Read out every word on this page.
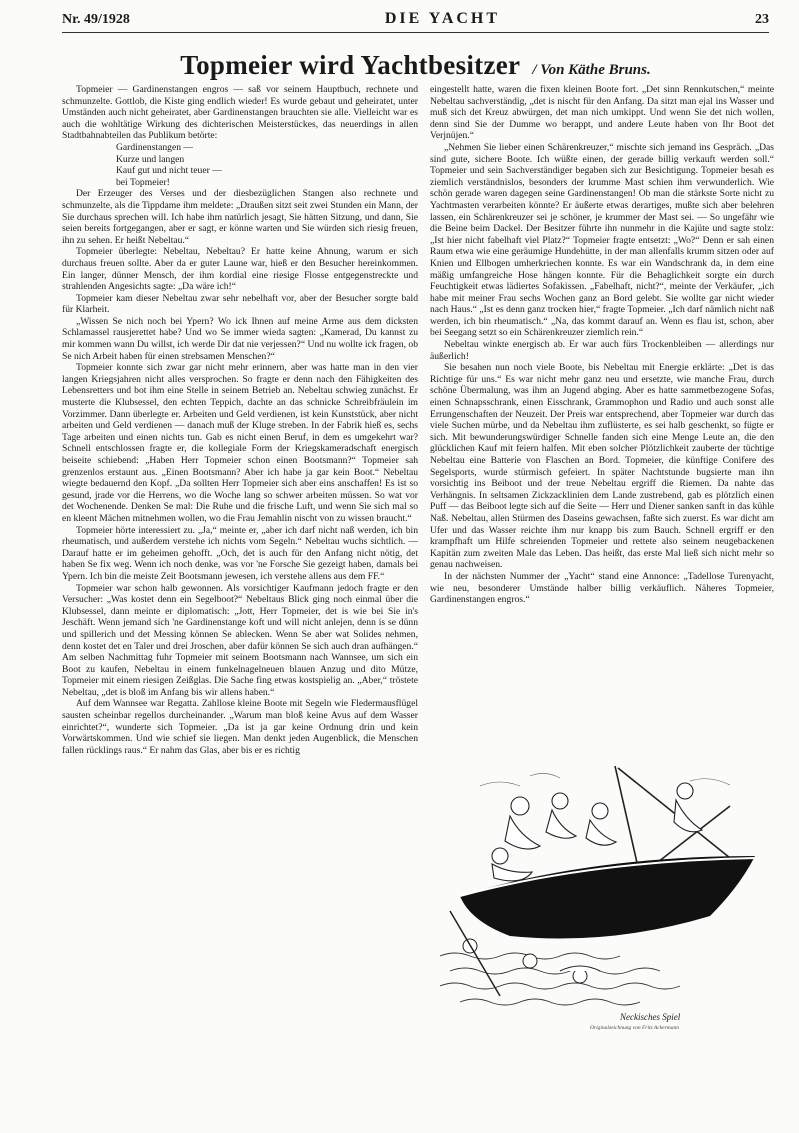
Nr. 49/1928	DIE YACHT	23
Topmeier wird Yachtbesitzer / Von Käthe Bruns.

Topmeier — Gardinenstangen engros — saß vor seinem Hauptbuch, rechnete und schmunzelte. Gottlob, die Kiste ging endlich wieder! Es wurde gebaut und geheiratet, unter Umständen auch nicht geheiratet, aber Gardinenstangen brauchten sie alle. Vielleicht war es auch die wohltätige Wirkung des dichterischen Meisterstückes, das neuerdings in allen Stadtbahnabteilen das Publikum betörte:

Gardinenstangen —
Kurze und langen
Kauf gut und nicht teuer —
bei Topmeier!

Der Erzeuger des Verses und der diesbezüglichen Stangen also rechnete und schmunzelte, als die Tippdame ihm meldete: „Draußen sitzt seit zwei Stunden ein Mann, der Sie durchaus sprechen will. Ich habe ihm natürlich jesagt, Sie hätten Sitzung, und dann, Sie seien bereits fortgegangen, aber er sagt, er könne warten und Sie würden sich riesig freuen, ihn zu sehen. Er heißt Nebeltau.“

Topmeier überlegte: Nebeltau, Nebeltau? Er hatte keine Ahnung, warum er sich durchaus freuen sollte. Aber da er guter Laune war, hieß er den Besucher hereinkommen. Ein langer, dünner Mensch, der ihm kordial eine riesige Flosse entgegenstreckte und strahlenden Angesichts sagte: „Da wäre ich!“

Topmeier kam dieser Nebeltau zwar sehr nebelhaft vor, aber der Besucher sorgte bald für Klarheit.

„Wissen Se nich noch bei Ypern? Wo ick Ihnen auf meine Arme aus dem dicksten Schlamassel rausjerettet habe? Und wo Se immer wieda sagten: „Kamerad, Du kannst zu mir kommen wann Du willst, ich werde Dir dat nie verjessen?“ Und nu wollte ick fragen, ob Se nich Arbeit haben für einen strebsamen Menschen?“

Topmeier konnte sich zwar gar nicht mehr erinnern, aber was hatte man in den vier langen Kriegsjahren nicht alles versprochen. So fragte er denn nach den Fähigkeiten des Lebensretters und bot ihm eine Stelle in seinem Betrieb an. Nebeltau schwieg zunächst. Er musterte die Klubsessel, den echten Teppich, dachte an das schnicke Schreibfräulein im Vorzimmer. Dann überlegte er. Arbeiten und Geld verdienen, ist kein Kunststück, aber nicht arbeiten und Geld verdienen — danach muß der Kluge streben. In der Fabrik hieß es, sechs Tage arbeiten und einen nichts tun. Gab es nicht einen Beruf, in dem es umgekehrt war? Schnell entschlossen fragte er, die kollegiale Form der Kriegskameradschaft energisch beiseite schiebend: „Haben Herr Topmeier schon einen Bootsmann?“ Topmeier sah grenzenlos erstaunt aus. „Einen Bootsmann? Aber ich habe ja gar kein Boot.“ Nebeltau wiegte bedauernd den Kopf. „Da sollten Herr Topmeier sich aber eins anschaffen! Es ist so gesund, jrade vor die Herrens, wo die Woche lang so schwer arbeiten müssen. So wat vor det Wochenende. Denken Se mal: Die Ruhe und die frische Luft, und wenn Sie sich mal so en kleent Mächen mitnehmen wollen, wo die Frau Jemahlin nischt von zu wissen braucht.“

Topmeier hörte interessiert zu. „Ja,“ meinte er, „aber ich darf nicht naß werden, ich bin rheumatisch, und außerdem verstehe ich nichts vom Segeln.“ Nebeltau wuchs sichtlich. — Darauf hatte er im geheimen gehofft. „Och, det is auch für den Anfang nicht nötig, det haben Se fix weg. Wenn ich noch denke, was vor 'ne Forsche Sie gezeigt haben, damals bei Ypern. Ich bin die meiste Zeit Bootsmann jewesen, ich verstehe allens aus dem FF.“

Topmeier war schon halb gewonnen. Als vorsichtiger Kaufmann jedoch fragte er den Versucher: „Was kostet denn ein Segelboot?“ Nebeltaus Blick ging noch einmal über die Klubsessel, dann meinte er diplomatisch: „Jott, Herr Topmeier, det is wie bei Sie in's Jeschäft. Wenn jemand sich 'ne Gardinenstange koft und will nicht anlejen, denn is se dünn und spillerich und det Messing können Se ablecken. Wenn Se aber wat Solides nehmen, denn kostet det en Taler und drei Jroschen, aber dafür können Se sich auch dran aufhängen.“ Am selben Nachmittag fuhr Topmeier mit seinem Bootsmann nach Wannsee, um sich ein Boot zu kaufen, Nebeltau in einem funkelnagelneuen blauen Anzug und dito Mütze, Topmeier mit einem riesigen Zeißglas. Die Sache fing etwas kostspielig an. „Aber,“ tröstete Nebeltau, „det is bloß im Anfang bis wir allens haben.“

Auf dem Wannsee war Regatta. Zahllose kleine Boote mit Segeln wie Fledermausflügel sausten scheinbar regellos durcheinander. „Warum man bloß keine Avus auf dem Wasser einrichtet?“, wunderte sich Topmeier. „Da ist ja gar keine Ordnung drin und kein Vorwärtskommen. Und wie schief sie liegen. Man denkt jeden Augenblick, die Menschen fallen rücklings raus.“ Er nahm das Glas, aber bis er es richtig

eingestellt hatte, waren die fixen kleinen Boote fort. „Det sinn Rennkutschen,“ meinte Nebeltau sachverständig, „det is nischt für den Anfang. Da sitzt man ejal ins Wasser und muß sich det Kreuz abwürgen, det man nich umkippt. Und wenn Sie det nich wollen, denn sind Sie der Dumme wo berappt, und andere Leute haben von Ihr Boot det Verjnüjen.“

„Nehmen Sie lieber einen Schärenkreuzer,“ mischte sich jemand ins Gespräch. „Das sind gute, sichere Boote. Ich wüßte einen, der gerade billig verkauft werden soll.“ Topmeier und sein Sachverständiger begaben sich zur Besichtigung. Topmeier besah es ziemlich verständnislos, besonders der krumme Mast schien ihm verwunderlich. Wie schön gerade waren dagegen seine Gardinenstangen! Ob man die stärkste Sorte nicht zu Yachtmasten verarbeiten könnte? Er äußerte etwas derartiges, mußte sich aber belehren lassen, ein Schärenkreuzer sei je schöner, je krummer der Mast sei. — So ungefähr wie die Beine beim Dackel. Der Besitzer führte ihn nunmehr in die Kajüte und sagte stolz: „Ist hier nicht fabelhaft viel Platz?“ Topmeier fragte entsetzt: „Wo?“ Denn er sah einen Raum etwa wie eine geräumige Hundehütte, in der man allenfalls krumm sitzen oder auf Knien und Ellbogen umherkriechen konnte. Es war ein Wandschrank da, in dem eine mäßig umfangreiche Hose hängen konnte. Für die Behaglichkeit sorgte ein durch Feuchtigkeit etwas lädiertes Sofakissen. „Fabelhaft, nicht?“, meinte der Verkäufer, „ich habe mit meiner Frau sechs Wochen ganz an Bord gelebt. Sie wollte gar nicht wieder nach Haus.“ „Ist es denn ganz trocken hier,“ fragte Topmeier. „Ich darf nämlich nicht naß werden, ich bin rheumatisch.“ „Na, das kommt darauf an. Wenn es flau ist, schon, aber bei Seegang setzt so ein Schärenkreuzer ziemlich rein.“

Nebeltau winkte energisch ab. Er war auch fürs Trockenbleiben — allerdings nur äußerlich!

Sie besahen nun noch viele Boote, bis Nebeltau mit Energie erklärte: „Det is das Richtige für uns.“ Es war nicht mehr ganz neu und ersetzte, wie manche Frau, durch schöne Übermalung, was ihm an Jugend abging. Aber es hatte sammetbezogene Sofas, einen Schnapsschrank, einen Eisschrank, Grammophon und Radio und auch sonst alle Errungenschaften der Neuzeit. Der Preis war entsprechend, aber Topmeier war durch das viele Suchen mürbe, und da Nebeltau ihm zuflüsterte, es sei halb geschenkt, so fügte er sich. Mit bewunderungswürdiger Schnelle fanden sich eine Menge Leute an, die den glücklichen Kauf mit feiern halfen. Mit eben solcher Plötzlichkeit zauberte der tüchtige Nebeltau eine Batterie von Flaschen an Bord. Topmeier, die künftige Conifere des Segelsports, wurde stürmisch gefeiert. In später Nachtstunde bugsierte man ihn vorsichtig ins Beiboot und der treue Nebeltau ergriff die Riemen. Da nahte das Verhängnis. In seltsamen Zickzacklinien dem Lande zustrebend, gab es plötzlich einen Puff — das Beiboot legte sich auf die Seite — Herr und Diener sanken sanft in das kühle Naß. Nebeltau, allen Stürmen des Daseins gewachsen, faßte sich zuerst. Es war dicht am Ufer und das Wasser reichte ihm nur knapp bis zum Bauch. Schnell ergriff er den krampfhaft um Hilfe schreienden Topmeier und rettete also seinem neugebackenen Kapitän zum zweiten Male das Leben. Das heißt, das erste Mal ließ sich nicht mehr so genau nachweisen.

In der nächsten Nummer der „Yacht“ stand eine Annonce: „Tadellose Turenyacht, wie neu, besonderer Umstände halber billig verkäuflich. Näheres Topmeier, Gardinenstangen engros.“

Neckisches Spiel
Originalzeichnung von Fritz Ackermann
